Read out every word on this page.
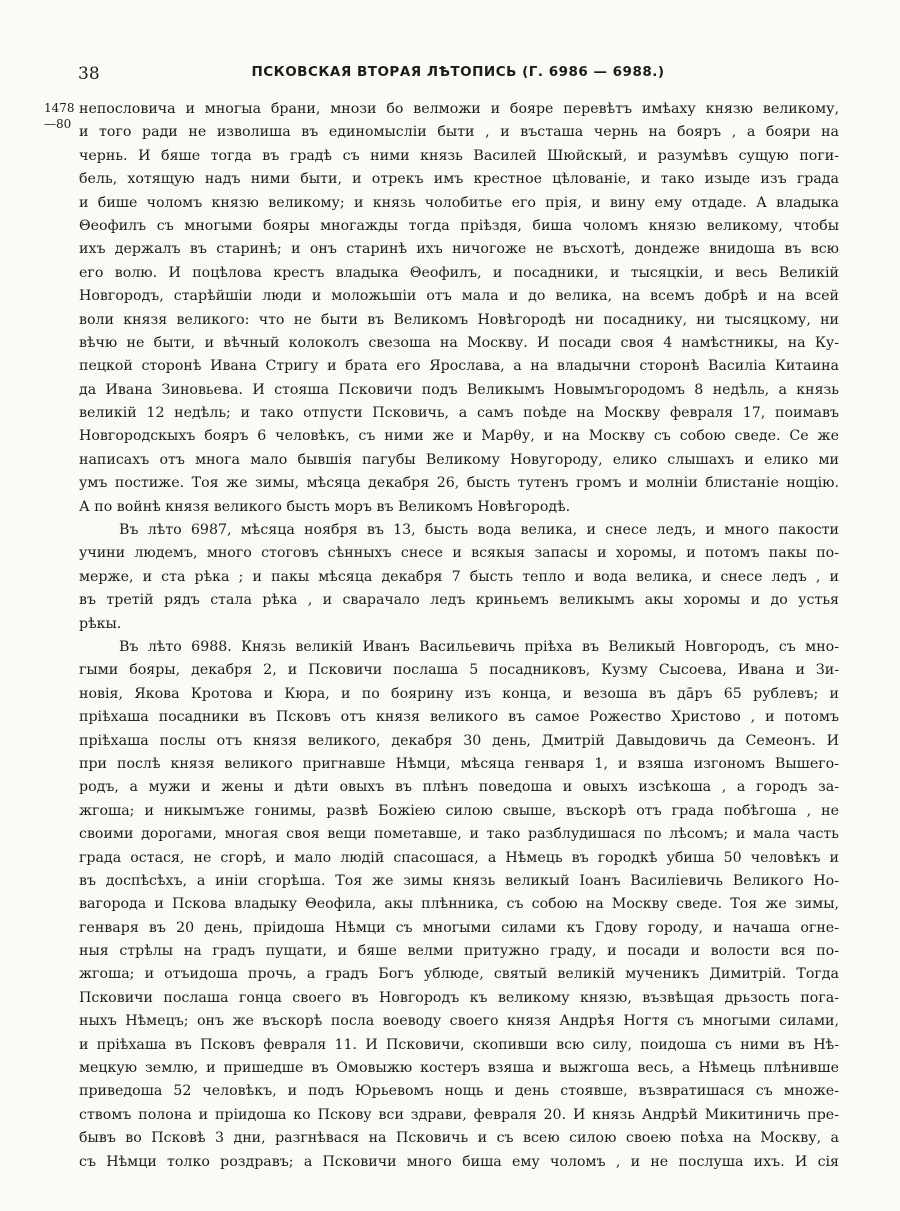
38	ПСКОВСКАЯ ВТОРАЯ ЛѢТОПИСЬ (Г. 6986 — 6988.)
1478
—80
непословича и многыа брани, мнози бо велможи и бояре перевѣтъ имѣаху князю великому,
и того ради не изволиша въ единомыслiи быти , и въсташа чернь на бояръ , а бояри на
чернь. И бяше тогда въ градѣ съ ними князь Василей Шюйскый, и разумѣвъ сущую поги-
бель, хотящую надъ ними быти, и отрекъ имъ крестное цѣлованiе, и тако изыде изъ града
и бише чоломъ князю великому; и князь чолобитье его прiя, и вину ему отдаде. А владыка
Θеофилъ съ многыми бояры многажды тогда прiѣздя, биша чоломъ князю великому, чтобы
ихъ держалъ въ старинѣ; и онъ старинѣ ихъ ничогоже не въсхотѣ, дондеже внидоша въ всю
его волю. И поцѣлова крестъ владыка Θеофилъ, и посадники, и тысяцкiи, и весь Великiй
Новгородъ, старѣйшiи люди и моложьшiи отъ мала и до велика, на всемъ добрѣ и на всей
воли князя великого: что не быти въ Великомъ Новѣгородѣ ни посаднику, ни тысяцкому, ни
вѣчю не быти, и вѣчный колоколъ свезоша на Москву. И посади своя 4 намѣстникы, на Ку-
пецкой сторонѣ Ивана Стригу и брата его Ярослава, а на владычни сторонѣ Василiа Китаина
да Ивана Зиновьева. И стояша Псковичи подъ Великымъ Новымъгородомъ 8 недѣль, а князь
великiй 12 недѣль; и тако отпусти Псковичь, а самъ поѣде на Москву февраля 17, поимавъ
Новгородскыхъ бояръ 6 человѣкъ, съ ними же и Марθу, и на Москву съ собою сведе. Се же
написахъ отъ многа мало бывшiя пагубы Великому Новугороду, елико слышахъ и елико ми
умъ постиже. Тоя же зимы, мѣсяца декабря 26, бысть тутенъ громъ и молнiи блистанiе нощiю.
А по войнѣ князя великого бысть моръ въ Великомъ Новѣгородѣ.
Въ лѣто 6987, мѣсяца ноября въ 13, бысть вода велика, и снесе ледъ, и много пакости
учини людемъ, много стоговъ сѣнныхъ снесе и всякыя запасы и хоромы, и потомъ пакы по-
мерже, и ста рѣка ; и пакы мѣсяца декабря 7 бысть тепло и вода велика, и снесе ледъ , и
въ третiй рядъ стала рѣка , и сварачало ледъ криньемъ великымъ акы хоромы и до устья
рѣкы.
Въ лѣто 6988. Князь великiй Иванъ Васильевичь прiѣха въ Великый Новгородъ, съ мно-
гыми бояры, декабря 2, и Псковичи послаша 5 посадниковъ, Кузму Сысоева, Ивана и Зи-
новiя, Якова Кротова и Кюра, и по боярину изъ конца, и везоша въ дāръ 65 рублевъ; и
прiѣхаша посадники въ Псковъ отъ князя великого въ самое Рожество Христово , и потомъ
прiѣхаша послы отъ князя великого, декабря 30 день, Дмитрiй Давыдовичь да Семеонъ. И
при послѣ князя великого пригнавше Нѣмци, мѣсяца генваря 1, и взяша изгономъ Вышего-
родъ, а мужи и жены и дѣти овыхъ въ плѣнъ поведоша и овыхъ изсѣкоша , а городъ за-
жгоша; и никымъже гонимы, развѣ Божiею силою свыше, въскорѣ отъ града побѣгоша , не
своими дорогами, многая своя вещи пометавше, и тако разблудишася по лѣсомъ; и мала часть
града остася, не сгорѣ, и мало людiй спасошася, а Нѣмець въ городкѣ убиша 50 человѣкъ и
въ доспѣсѣхъ, а инiи сгорѣша. Тоя же зимы князь великый Iоанъ Василiевичь Великого Но-
вагорода и Пскова владыку Θеофила, акы плѣнника, съ собою на Москву сведе. Тоя же зимы,
генваря въ 20 день, прiидоша Нѣмци съ многыми силами къ Гдову городу, и начаша огне-
ныя стрѣлы на градъ пущати, и бяше велми притужно граду, и посади и волости вся по-
жгоша; и отъидоша прочь, а градъ Богъ ублюде, святый великiй мученикъ Димитрiй. Тогда
Псковичи послаша гонца своего въ Новгородъ къ великому князю, възвѣщая дрьзость пога-
ныхъ Нѣмецъ; онъ же въскорѣ посла воеводу своего князя Андрѣя Ногтя съ многыми силами,
и прiѣхаша въ Псковъ февраля 11. И Псковичи, скопивши всю силу, поидоша съ ними въ Нѣ-
мецкую землю, и пришедше въ Омовыжю костеръ взяша и выжгоша весь, а Нѣмець плѣнивше
приведоша 52 человѣкъ, и подъ Юрьевомъ нощь и день стоявше, възвратишася съ множе-
ствомъ полона и прiидоша ко Пскову вси здрави, февраля 20. И князь Андрѣй Микитиничь пре-
бывъ во Псковѣ 3 дни, разгнѣвася на Псковичь и съ всею силою своею поѣха на Москву, а
съ Нѣмци толко роздравъ; а Псковичи много биша ему чоломъ , и не послуша ихъ. И сiя
